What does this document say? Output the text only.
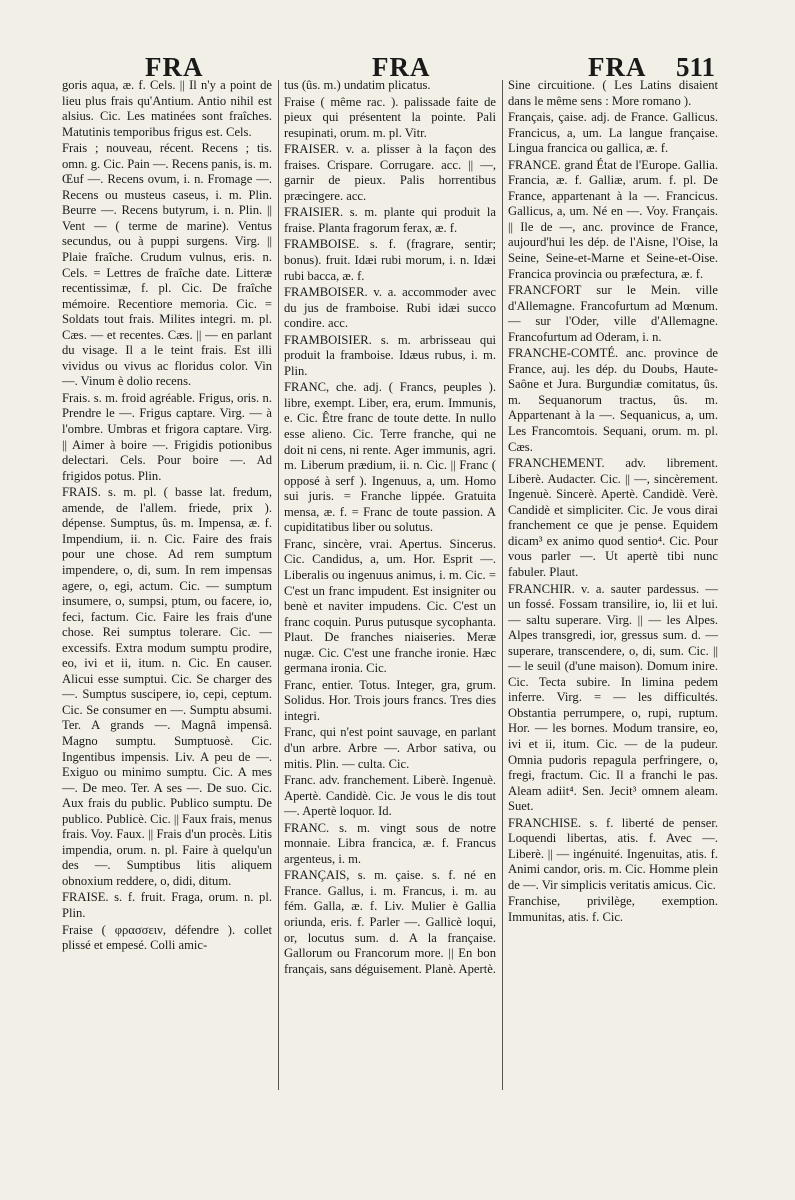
FRA	FRA	FRA 511

goris aqua, æ. f. Cels. || Il n'y a point de lieu plus frais qu'Antium. Antio nihil est alsius. Cic. Les matinées sont fraîches. Matutinis temporibus frigus est. Cels.

Frais ; nouveau, récent. Recens ; tis. omn. g. Cic. Pain —. Recens panis, is. m. Œuf —. Recens ovum, i. n. Fromage —. Recens ou musteus caseus, i. m. Plin. Beurre —. Recens butyrum, i. n. Plin. || Vent — ( terme de marine). Ventus secundus, ou à puppi surgens. Virg. || Plaie fraîche. Crudum vulnus, eris. n. Cels. = Lettres de fraîche date. Litteræ recentissimæ, f. pl. Cic. De fraîche mémoire. Recentiore memoria. Cic. = Soldats tout frais. Milites integri. m. pl. Cæs. — et recentes. Cæs. || — en parlant du visage. Il a le teint frais. Est illi vividus ou vivus ac floridus color. Vin —. Vinum è dolio recens.

Frais. s. m. froid agréable. Frigus, oris. n. Prendre le —. Frigus captare. Virg. — à l'ombre. Umbras et frigora captare. Virg. || Aimer à boire —. Frigidis potionibus delectari. Cels. Pour boire —. Ad frigidos potus. Plin.

FRAIS. s. m. pl. ( basse lat. fredum, amende, de l'allem. friede, prix ). dépense. Sumptus, ûs. m. Impensa, æ. f. Impendium, ii. n. Cic. Faire des frais pour une chose. Ad rem sumptum impendere, o, di, sum. In rem impensas agere, o, egi, actum. Cic. — sumptum insumere, o, sumpsi, ptum, ou facere, io, feci, factum. Cic. Faire les frais d'une chose. Rei sumptus tolerare. Cic. — excessifs. Extra modum sumptu prodire, eo, ivi et ii, itum. n. Cic. En causer. Alicui esse sumptui. Cic. Se charger des —. Sumptus suscipere, io, cepi, ceptum. Cic. Se consumer en —. Sumptu absumi. Ter. A grands —. Magnâ impensâ. Magno sumptu. Sumptuosè. Cic. Ingentibus impensis. Liv. A peu de —. Exiguo ou minimo sumptu. Cic. A mes —. De meo. Ter. A ses —. De suo. Cic. Aux frais du public. Publico sumptu. De publico. Publicè. Cic. || Faux frais, menus frais. Voy. Faux. || Frais d'un procès. Litis impendia, orum. n. pl. Faire à quelqu'un des —. Sumptibus litis aliquem obnoxium reddere, o, didi, ditum.

FRAISE. s. f. fruit. Fraga, orum. n. pl. Plin.

Fraise ( φρασσειν, défendre ). collet plissé et empesé. Colli amic-

tus (ûs. m.) undatim plicatus.

Fraise ( même rac. ). palissade faite de pieux qui présentent la pointe. Pali resupinati, orum. m. pl. Vitr.

FRAISER. v. a. plisser à la façon des fraises. Crispare. Corrugare. acc. || —, garnir de pieux. Palis horrentibus præcingere. acc.

FRAISIER. s. m. plante qui produit la fraise. Planta fragorum ferax, æ. f.

FRAMBOISE. s. f. (fragrare, sentir; bonus). fruit. Idæi rubi morum, i. n. Idæi rubi bacca, æ. f.

FRAMBOISER. v. a. accommoder avec du jus de framboise. Rubi idæi succo condire. acc.

FRAMBOISIER. s. m. arbrisseau qui produit la framboise. Idæus rubus, i. m. Plin.

FRANC, che. adj. ( Francs, peuples ). libre, exempt. Liber, era, erum. Immunis, e. Cic. Être franc de toute dette. In nullo esse alieno. Cic. Terre franche, qui ne doit ni cens, ni rente. Ager immunis, agri. m. Liberum prædium, ii. n. Cic. || Franc ( opposé à serf ). Ingenuus, a, um. Homo sui juris. = Franche lippée. Gratuita mensa, æ. f. = Franc de toute passion. A cupiditatibus liber ou solutus.

Franc, sincère, vrai. Apertus. Sincerus. Cic. Candidus, a, um. Hor. Esprit —. Liberalis ou ingenuus animus, i. m. Cic. = C'est un franc impudent. Est insigniter ou benè et naviter impudens. Cic. C'est un franc coquin. Purus putusque sycophanta. Plaut. De franches niaiseries. Meræ nugæ. Cic. C'est une franche ironie. Hæc germana ironia. Cic.

Franc, entier. Totus. Integer, gra, grum. Solidus. Hor. Trois jours francs. Tres dies integri.

Franc, qui n'est point sauvage, en parlant d'un arbre. Arbre —. Arbor sativa, ou mitis. Plin. — culta. Cic.

Franc. adv. franchement. Liberè. Ingenuè. Apertè. Candidè. Cic. Je vous le dis tout —. Apertè loquor. Id.

FRANC. s. m. vingt sous de notre monnaie. Libra francica, æ. f. Francus argenteus, i. m.

FRANÇAIS, s. m. çaise. s. f. né en France. Gallus, i. m. Francus, i. m. au fém. Galla, æ. f. Liv. Mulier è Gallia oriunda, eris. f. Parler —. Gallicè loqui, or, locutus sum. d. A la française. Gallorum ou Francorum more. || En bon français, sans déguisement. Planè. Apertè.

Sine circuitione. ( Les Latins disaient dans le même sens : More romano ).

Français, çaise. adj. de France. Gallicus. Francicus, a, um. La langue française. Lingua francica ou gallica, æ. f.

FRANCE. grand État de l'Europe. Gallia. Francia, æ. f. Galliæ, arum. f. pl. De France, appartenant à la —. Francicus. Gallicus, a, um. Né en —. Voy. Français. || Ile de —, anc. province de France, aujourd'hui les dép. de l'Aisne, l'Oise, la Seine, Seine-et-Marne et Seine-et-Oise. Francica provincia ou præfectura, æ. f.

FRANCFORT sur le Mein. ville d'Allemagne. Francofurtum ad Mœnum. — sur l'Oder, ville d'Allemagne. Francofurtum ad Oderam, i. n.

FRANCHE-COMTÉ. anc. province de France, auj. les dép. du Doubs, Haute-Saône et Jura. Burgundiæ comitatus, ûs. m. Sequanorum tractus, ûs. m. Appartenant à la —. Sequanicus, a, um. Les Francomtois. Sequani, orum. m. pl. Cæs.

FRANCHEMENT. adv. librement. Liberè. Audacter. Cic. || —, sincèrement. Ingenuè. Sincerè. Apertè. Candidè. Verè. Candidè et simpliciter. Cic. Je vous dirai franchement ce que je pense. Equidem dicam³ ex animo quod sentio⁴. Cic. Pour vous parler —. Ut apertè tibi nunc fabuler. Plaut.

FRANCHIR. v. a. sauter pardessus. — un fossé. Fossam transilire, io, lii et lui. — saltu superare. Virg. || — les Alpes. Alpes transgredi, ior, gressus sum. d. — superare, transcendere, o, di, sum. Cic. || — le seuil (d'une maison). Domum inire. Cic. Tecta subire. In limina pedem inferre. Virg. = — les difficultés. Obstantia perrumpere, o, rupi, ruptum. Hor. — les bornes. Modum transire, eo, ivi et ii, itum. Cic. — de la pudeur. Omnia pudoris repagula perfringere, o, fregi, fractum. Cic. Il a franchi le pas. Aleam adiit⁴. Sen. Jecit³ omnem aleam. Suet.

FRANCHISE. s. f. liberté de penser. Loquendi libertas, atis. f. Avec —. Liberè. || — ingénuité. Ingenuitas, atis. f. Animi candor, oris. m. Cic. Homme plein de —. Vir simplicis veritatis amicus. Cic.

Franchise, privilège, exemption. Immunitas, atis. f. Cic.
